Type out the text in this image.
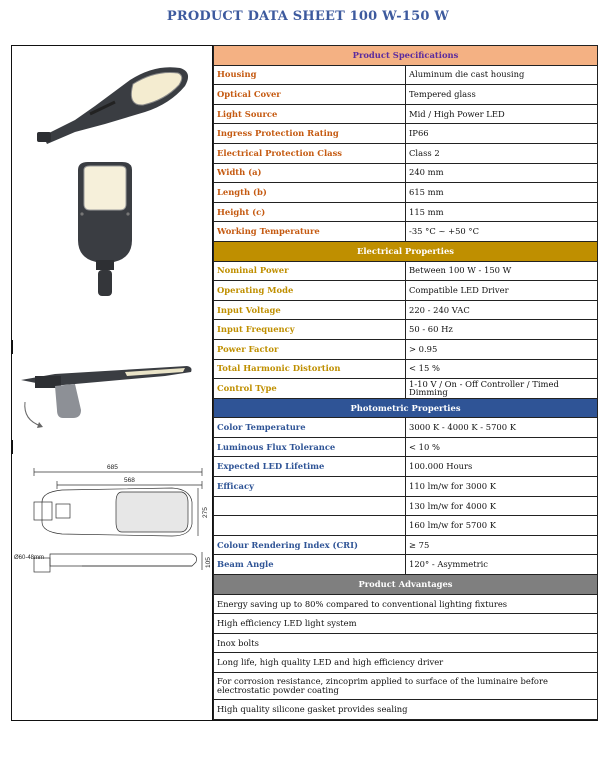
PRODUCT DATA SHEET 100 W-150 W
685
568
275
105
Ø60-48mm
Product Specifications	
Housing	Aluminum die cast housing
Optical Cover	Tempered glass
Light Source	Mid / High Power LED
Ingress Protection Rating	IP66
Electrical Protection Class	Class 2
Width (a)	240 mm
Length (b)	615 mm
Height (c)	115 mm
Working Temperature	-35 °C ~ +50 °C
Electrical Properties	
Nominal Power	Between 100 W - 150 W
Operating Mode	Compatible LED Driver
Input Voltage	220 - 240 VAC
Input Frequency	50 - 60 Hz
Power Factor	> 0.95
Total Harmonic Distortion	< 15 %
Control Type	1-10 V / On - Off Controller / Timed Dimming
Photometric Properties	
Color Temperature	3000 K - 4000 K - 5700 K
Luminous Flux Tolerance	< 10 %
Expected LED Lifetime	100.000 Hours
Efficacy	110 lm/w for 3000 K
	130 lm/w for 4000 K
	160 lm/w for 5700 K
Colour Rendering Index (CRI)	≥ 75
Beam Angle	120° - Asymmetric
Product Advantages	
Energy saving up to 80% compared to conventional lighting fixtures	
High efficiency LED light system	
Inox bolts	
Long life, high quality LED and high efficiency driver	
For corrosion resistance, zincoprim applied to surface of the luminaire before electrostatic powder coating	
High quality silicone gasket provides sealing	
